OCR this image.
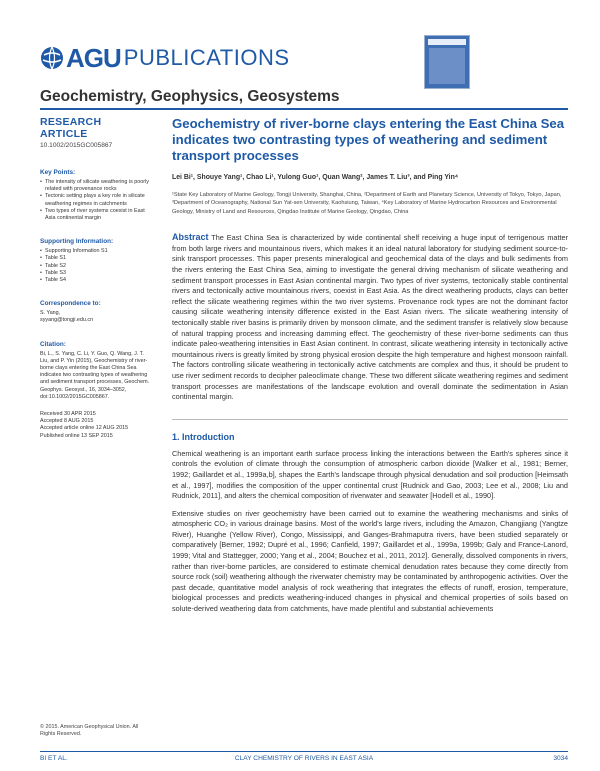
AGU PUBLICATIONS
Geochemistry, Geophysics, Geosystems
RESEARCH ARTICLE
10.1002/2015GC005867
Key Points:
• The intensity of silicate weathering is poorly related with provenance rocks
• Tectonic setting plays a key role in silicate weathering regimes in catchments
• Two types of river systems coexist in East Asia continental margin
Supporting Information:
• Supporting Information S1
• Table S1
• Table S2
• Table S3
• Table S4
Correspondence to:
S. Yang,
syyang@tongji.edu.cn
Citation:
Bi, L., S. Yang, C. Li, Y. Guo, Q. Wang, J. T. Liu, and P. Yin (2015), Geochemistry of river-borne clays entering the East China Sea indicates two contrasting types of weathering and sediment transport processes, Geochem. Geophys. Geosyst., 16, 3034–3052, doi:10.1002/2015GC005867.
Received 30 APR 2015
Accepted 8 AUG 2015
Accepted article online 12 AUG 2015
Published online 13 SEP 2015
© 2015. American Geophysical Union. All Rights Reserved.
Geochemistry of river-borne clays entering the East China Sea indicates two contrasting types of weathering and sediment transport processes
Lei Bi¹, Shouye Yang¹, Chao Li¹, Yulong Guo¹, Quan Wang², James T. Liu³, and Ping Yin⁴
¹State Key Laboratory of Marine Geology, Tongji University, Shanghai, China, ²Department of Earth and Planetary Science, University of Tokyo, Tokyo, Japan, ³Department of Oceanography, National Sun Yat-sen University, Kaohsiung, Taiwan, ⁴Key Laboratory of Marine Hydrocarbon Resources and Environmental Geology, Ministry of Land and Resources, Qingdao Institute of Marine Geology, Qingdao, China
Abstract The East China Sea is characterized by wide continental shelf receiving a huge input of terrigenous matter from both large rivers and mountainous rivers, which makes it an ideal natural laboratory for studying sediment source-to-sink transport processes. This paper presents mineralogical and geochemical data of the clays and bulk sediments from the rivers entering the East China Sea, aiming to investigate the general driving mechanism of silicate weathering and sediment transport processes in East Asian continental margin. Two types of river systems, tectonically stable continental rivers and tectonically active mountainous rivers, coexist in East Asia. As the direct weathering products, clays can better reflect the silicate weathering regimes within the two river systems. Provenance rock types are not the dominant factor causing silicate weathering intensity difference existed in the East Asian rivers. The silicate weathering intensity of tectonically stable river basins is primarily driven by monsoon climate, and the sediment transfer is relatively slow because of natural trapping process and increasing damming effect. The geochemistry of these river-borne sediments can thus indicate paleo-weathering intensities in East Asian continent. In contrast, silicate weathering intensity in tectonically active mountainous rivers is greatly limited by strong physical erosion despite the high temperature and highest monsoon rainfall. The factors controlling silicate weathering in tectonically active catchments are complex and thus, it should be prudent to use river sediment records to decipher paleoclimate change. These two different silicate weathering regimes and sediment transport processes are manifestations of the landscape evolution and overall dominate the sedimentation in Asian continental margin.
1. Introduction
Chemical weathering is an important earth surface process linking the interactions between the Earth's spheres since it controls the evolution of climate through the consumption of atmospheric carbon dioxide [Walker et al., 1981; Berner, 1992; Gaillardet et al., 1999a,b], shapes the Earth's landscape through physical denudation and soil production [Heimsath et al., 1997], modifies the composition of the upper continental crust [Rudnick and Gao, 2003; Lee et al., 2008; Liu and Rudnick, 2011], and alters the chemical composition of riverwater and seawater [Hodell et al., 1990].
Extensive studies on river geochemistry have been carried out to examine the weathering mechanisms and sinks of atmospheric CO₂ in various drainage basins. Most of the world's large rivers, including the Amazon, Changjiang (Yangtze River), Huanghe (Yellow River), Congo, Mississippi, and Ganges-Brahmaputra rivers, have been studied separately or comparatively [Berner, 1992; Dupré et al., 1996; Canfield, 1997; Gaillardet et al., 1999a, 1999b; Galy and France-Lanord, 1999; Vital and Stattegger, 2000; Yang et al., 2004; Bouchez et al., 2011, 2012]. Generally, dissolved components in rivers, rather than river-borne particles, are considered to estimate chemical denudation rates because they come directly from source rock (soil) weathering although the riverwater chemistry may be contaminated by anthropogenic activities. Over the past decade, quantitative model analysis of rock weathering that integrates the effects of runoff, erosion, temperature, biological processes and predicts weathering-induced changes in physical and chemical properties of soils based on solute-derived weathering data from catchments, have made plentiful and substantial achievements
BI ET AL.	CLAY CHEMISTRY OF RIVERS IN EAST ASIA	3034
